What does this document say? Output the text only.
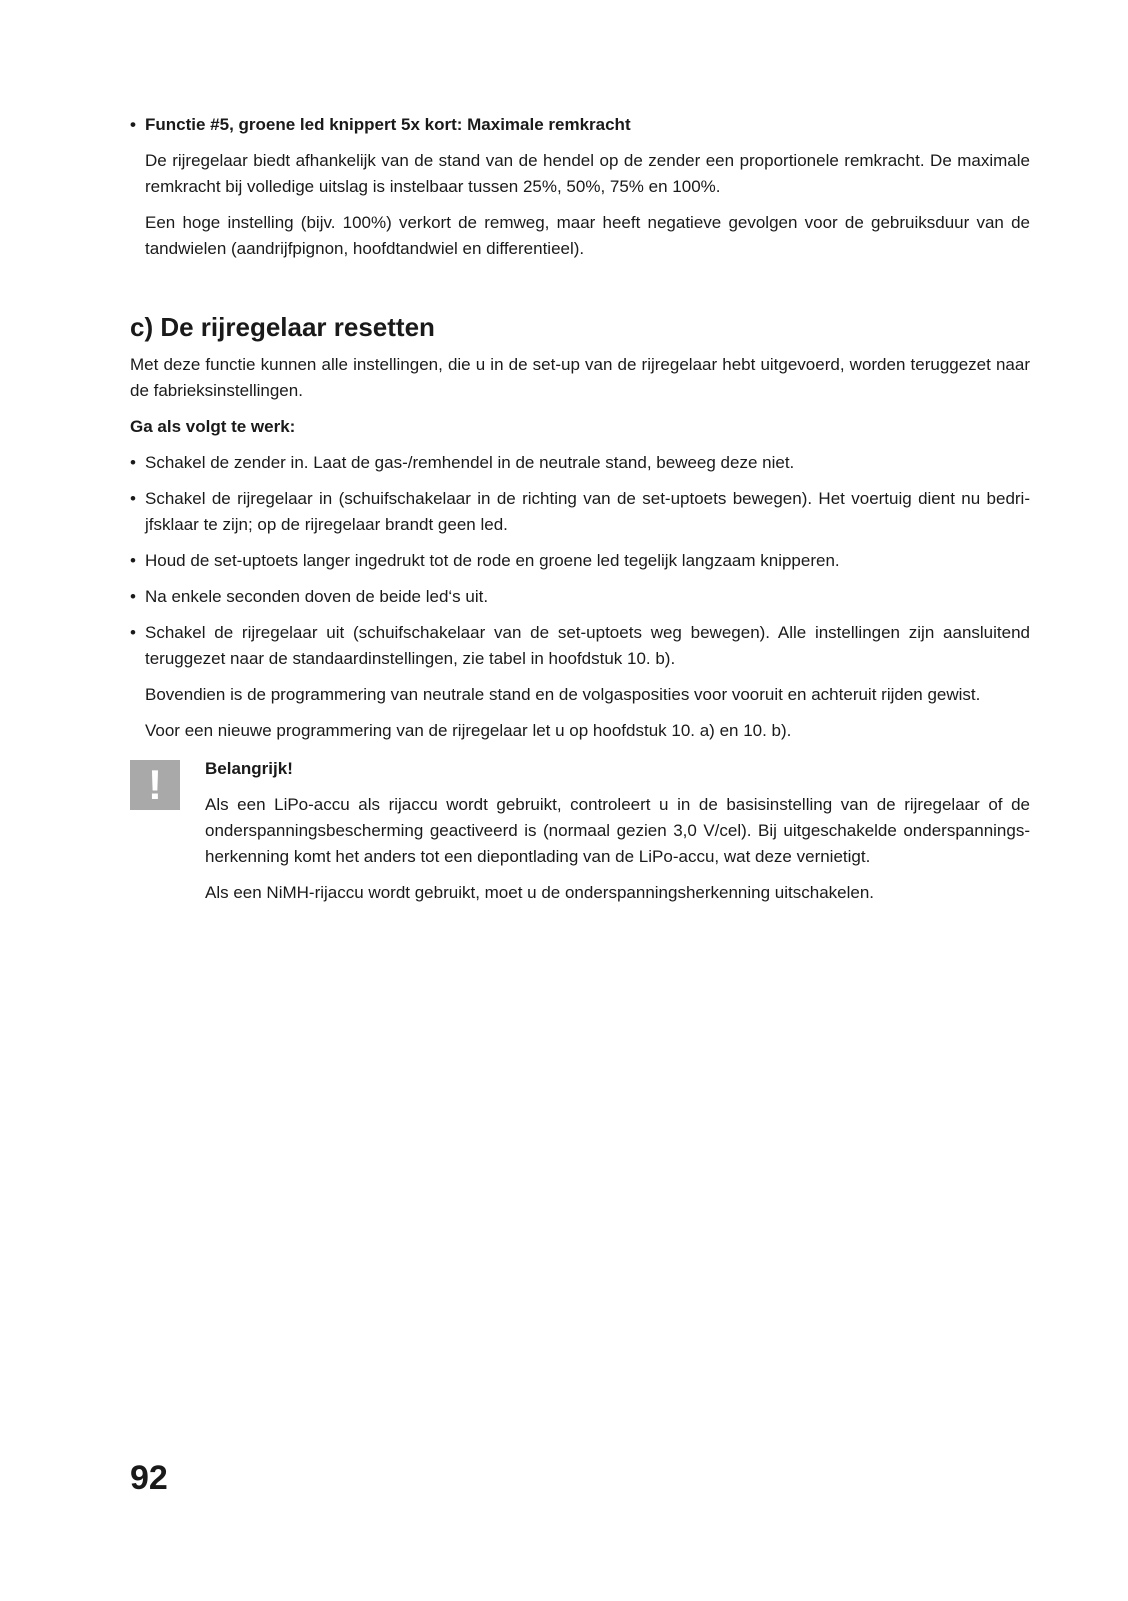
• Functie #5, groene led knippert 5x kort: Maximale remkracht

De rijregelaar biedt afhankelijk van de stand van de hendel op de zender een proportionele remkracht. De maximale remkracht bij volledige uitslag is instelbaar tussen 25%, 50%, 75% en 100%.

Een hoge instelling (bijv. 100%) verkort de remweg, maar heeft negatieve gevolgen voor de gebruiksduur van de tandwielen (aandrijfpignon, hoofdtandwiel en differentieel).

c) De rijregelaar resetten

Met deze functie kunnen alle instellingen, die u in de set-up van de rijregelaar hebt uitgevoerd, worden teruggezet naar de fabrieksinstellingen.

Ga als volgt te werk:

• Schakel de zender in. Laat de gas-/remhendel in de neutrale stand, beweeg deze niet.
• Schakel de rijregelaar in (schuifschakelaar in de richting van de set-uptoets bewegen). Het voertuig dient nu bedri-jfsklaar te zijn; op de rijregelaar brandt geen led.
• Houd de set-uptoets langer ingedrukt tot de rode en groene led tegelijk langzaam knipperen.
• Na enkele seconden doven de beide led‘s uit.
• Schakel de rijregelaar uit (schuifschakelaar van de set-uptoets weg bewegen). Alle instellingen zijn aansluitend teruggezet naar de standaardinstellingen, zie tabel in hoofdstuk 10. b).

Bovendien is de programmering van neutrale stand en de volgasposities voor vooruit en achteruit rijden gewist.

Voor een nieuwe programmering van de rijregelaar let u op hoofdstuk 10. a) en 10. b).

!	Belangrijk!

Als een LiPo-accu als rijaccu wordt gebruikt, controleert u in de basisinstelling van de rijregelaar of de onderspanningsbescherming geactiveerd is (normaal gezien 3,0 V/cel). Bij uitgeschakelde onderspannings-herkenning komt het anders tot een diepontlading van de LiPo-accu, wat deze vernietigt.

Als een NiMH-rijaccu wordt gebruikt, moet u de onderspanningsherkenning uitschakelen.

92
